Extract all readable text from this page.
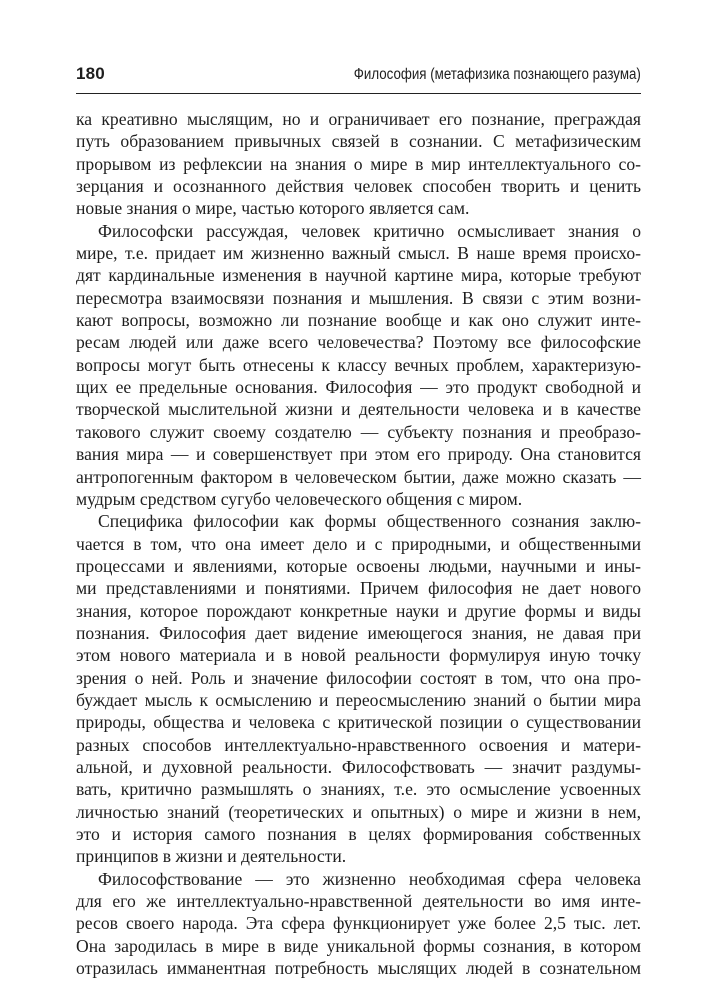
180	Философия (метафизика познающего разума)
ка креативно мыслящим, но и ограничивает его познание, преграждая
путь образованием привычных связей в сознании. С метафизическим
прорывом из рефлексии на знания о мире в мир интеллектуального со-
зерцания и осознанного действия человек способен творить и ценить
новые знания о мире, частью которого является сам.
Философски рассуждая, человек критично осмысливает знания о
мире, т.е. придает им жизненно важный смысл. В наше время происхо-
дят кардинальные изменения в научной картине мира, которые требуют
пересмотра взаимосвязи познания и мышления. В связи с этим возни-
кают вопросы, возможно ли познание вообще и как оно служит инте-
ресам людей или даже всего человечества? Поэтому все философские
вопросы могут быть отнесены к классу вечных проблем, характеризую-
щих ее предельные основания. Философия — это продукт свободной и
творческой мыслительной жизни и деятельности человека и в качестве
такового служит своему создателю — субъекту познания и преобразо-
вания мира — и совершенствует при этом его природу. Она становится
антропогенным фактором в человеческом бытии, даже можно сказать —
мудрым средством сугубо человеческого общения с миром.
Специфика философии как формы общественного сознания заклю-
чается в том, что она имеет дело и с природными, и общественными
процессами и явлениями, которые освоены людьми, научными и ины-
ми представлениями и понятиями. Причем философия не дает нового
знания, которое порождают конкретные науки и другие формы и виды
познания. Философия дает видение имеющегося знания, не давая при
этом нового материала и в новой реальности формулируя иную точку
зрения о ней. Роль и значение философии состоят в том, что она про-
буждает мысль к осмыслению и переосмыслению знаний о бытии мира
природы, общества и человека с критической позиции о существовании
разных способов интеллектуально-нравственного освоения и матери-
альной, и духовной реальности. Философствовать — значит раздумы-
вать, критично размышлять о знаниях, т.е. это осмысление усвоенных
личностью знаний (теоретических и опытных) о мире и жизни в нем,
это и история самого познания в целях формирования собственных
принципов в жизни и деятельности.
Философствование — это жизненно необходимая сфера человека
для его же интеллектуально-нравственной деятельности во имя инте-
ресов своего народа. Эта сфера функционирует уже более 2,5 тыс. лет.
Она зародилась в мире в виде уникальной формы сознания, в котором
отразилась имманентная потребность мыслящих людей в сознательном
